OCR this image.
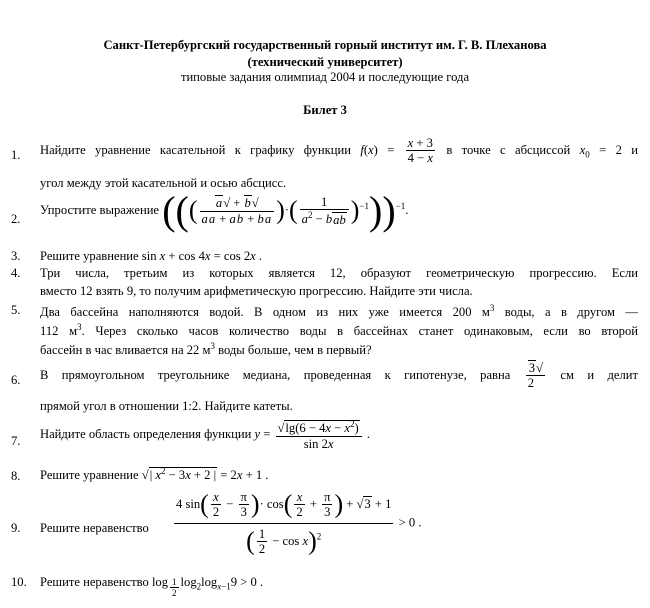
Санкт-Петербургский государственный горный институт им. Г. В. Плеханова
(технический университет)
типовые задания олимпиад 2004 и последующие года
Билет 3
1.	Найдите уравнение касательной к графику функции $f(x) = \frac{x + 3}{4 - x}$ в точке с абсциссой $x_0 = 2$ и
угол между этой касательной и осью абсцисс.
2.
Упростите выражение ((( $\frac{a√ + b√}{aa + ab + ba}$ )·( $\frac{1}{a^2 - bab} )^{-1}))^{-1}$.
3.	Решите уравнение sin x + cos 4x = cos 2x .
4.	Три числа, третьим из которых является 12, образуют геометрическую прогрессию. Если
вместо 12 взять 9, то получим арифметическую прогрессию. Найдите эти числа.
5.	Два бассейна наполняются водой. В одном из них уже имеется 200 $м^3$ воды, а в другом —
112 $м^3$. Через сколько часов количество воды в бассейнах станет одинаковым, если во второй
бассейн в час вливается на 22 $м^3$ воды больше, чем в первый?
6.	В прямоугольном треугольнике медиана, проведенная к гипотенузе, равна $\frac{3√}{2}$ см и делит
прямой угол в отношении 1:2. Найдите катеты.
7.
Найдите область определения функции $y = \frac{√\lg(6 - 4x - x^2)}{\sin 2x}$ .
8.	Решите уравнение √| $x^2 - 3x + 2$ | = 2x + 1 .
9.	Решите неравенство $\frac{4 \sin( \frac{x}{2} - \frac{\pi}{3} )\cdot \cos( \frac{x}{2} + \frac{\pi}{3} ) + √3 + 1}{( \frac{1}{2} - \cos x)^2} > 0$ .
10.	Решите неравенство log $_{\frac{1}{2}}$ $\log_2\log_{x-1}9 > 0$ .
